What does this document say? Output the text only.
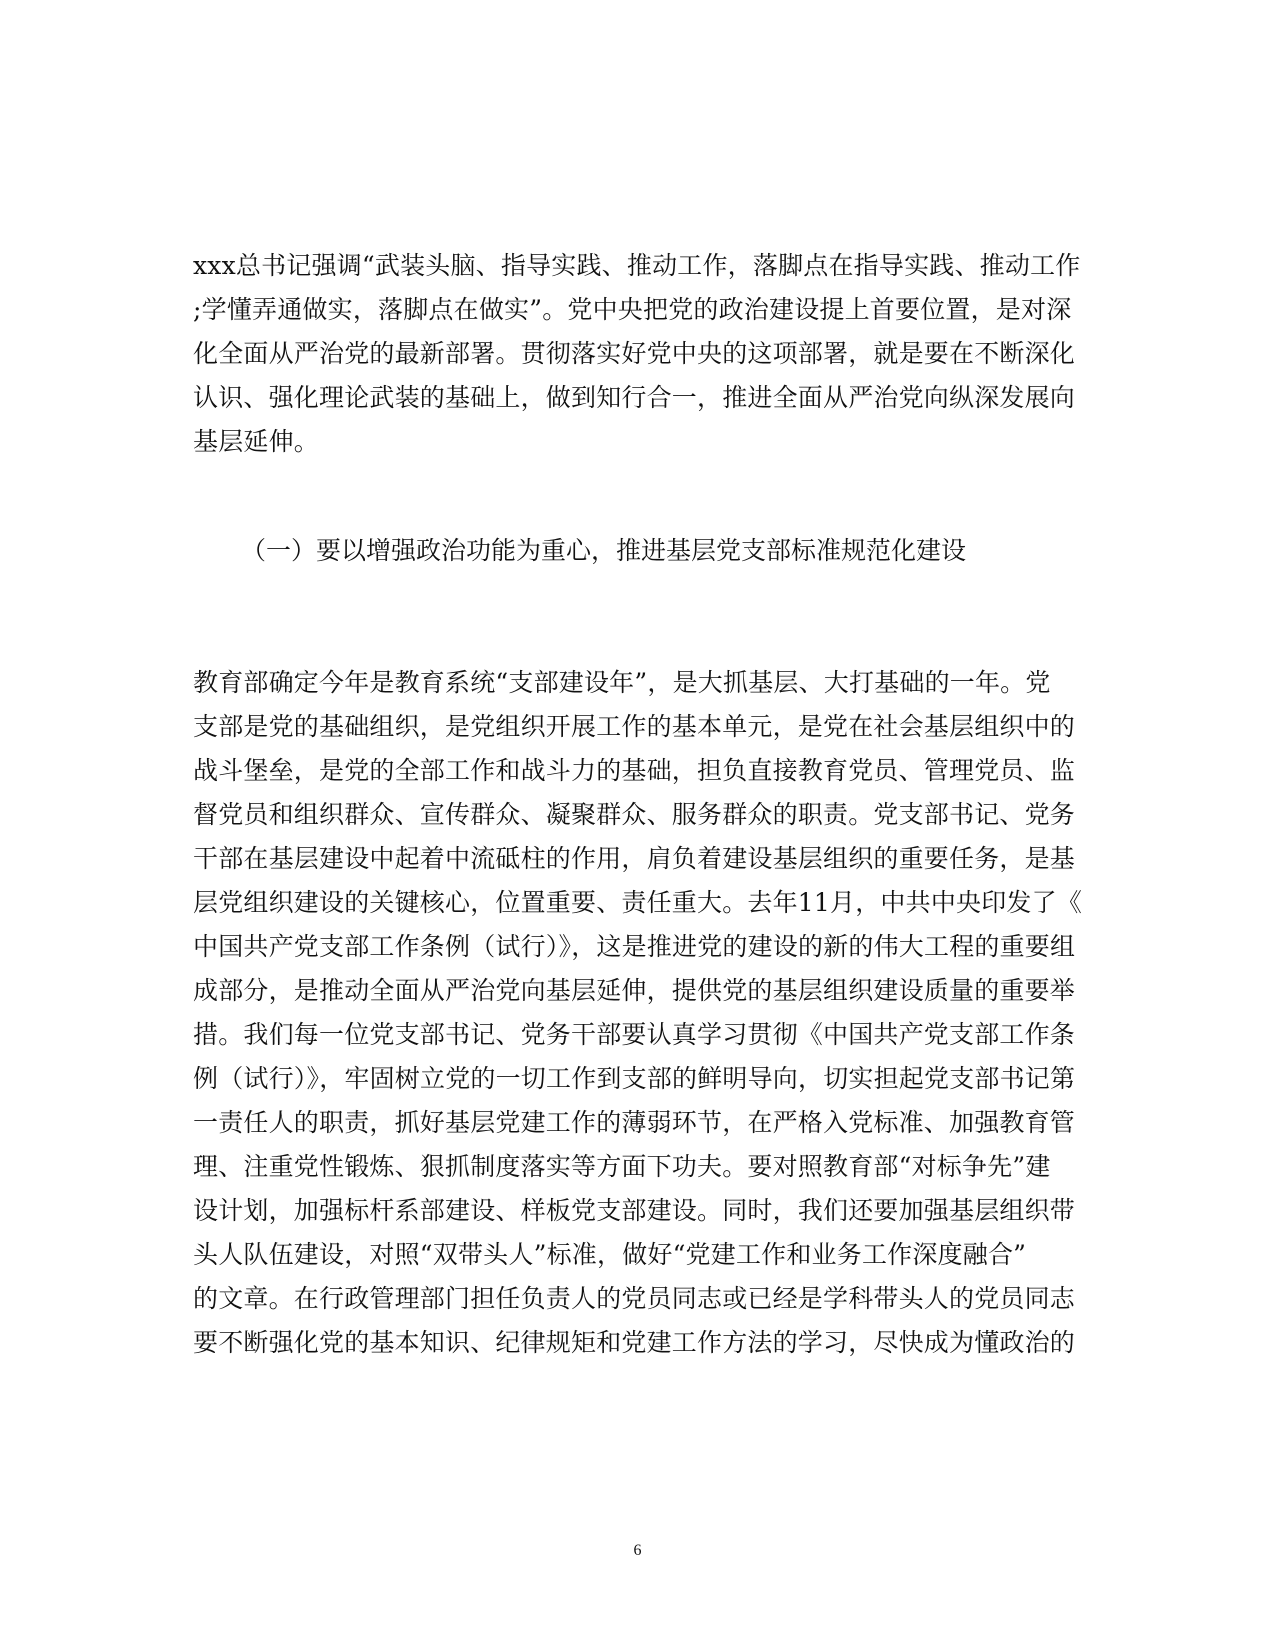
xxx总书记强调“武装头脑、指导实践、推动工作，落脚点在指导实践、推动工作
;学懂弄通做实，落脚点在做实”。党中央把党的政治建设提上首要位置，是对深
化全面从严治党的最新部署。贯彻落实好党中央的这项部署，就是要在不断深化
认识、强化理论武装的基础上，做到知行合一，推进全面从严治党向纵深发展向
基层延伸。
（一）要以增强政治功能为重心，推进基层党支部标准规范化建设
教育部确定今年是教育系统“支部建设年”，是大抓基层、大打基础的一年。党
支部是党的基础组织，是党组织开展工作的基本单元，是党在社会基层组织中的
战斗堡垒，是党的全部工作和战斗力的基础，担负直接教育党员、管理党员、监
督党员和组织群众、宣传群众、凝聚群众、服务群众的职责。党支部书记、党务
干部在基层建设中起着中流砥柱的作用，肩负着建设基层组织的重要任务，是基
层党组织建设的关键核心，位置重要、责任重大。去年11月，中共中央印发了《
中国共产党支部工作条例（试行）》，这是推进党的建设的新的伟大工程的重要组
成部分，是推动全面从严治党向基层延伸，提供党的基层组织建设质量的重要举
措。我们每一位党支部书记、党务干部要认真学习贯彻《中国共产党支部工作条
例（试行）》，牢固树立党的一切工作到支部的鲜明导向，切实担起党支部书记第
一责任人的职责，抓好基层党建工作的薄弱环节，在严格入党标准、加强教育管
理、注重党性锻炼、狠抓制度落实等方面下功夫。要对照教育部“对标争先”建
设计划，加强标杆系部建设、样板党支部建设。同时，我们还要加强基层组织带
头人队伍建设，对照“双带头人”标准，做好“党建工作和业务工作深度融合”
的文章。在行政管理部门担任负责人的党员同志或已经是学科带头人的党员同志
要不断强化党的基本知识、纪律规矩和党建工作方法的学习，尽快成为懂政治的
6
